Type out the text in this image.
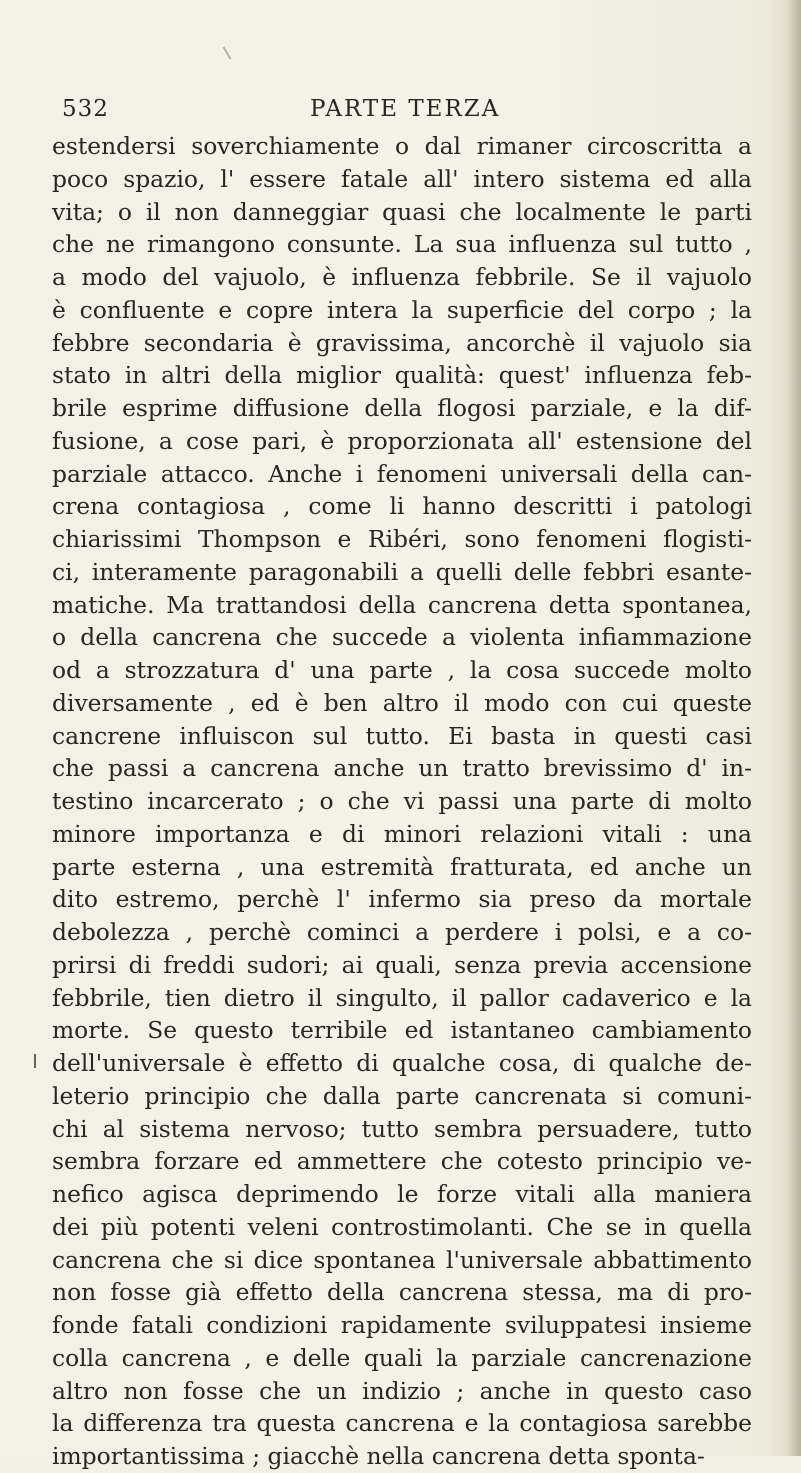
532	PARTE TERZA
estendersi soverchiamente o dal rimaner circoscritta a
poco spazio, l' essere fatale all' intero sistema ed alla
vita; o il non danneggiar quasi che localmente le parti
che ne rimangono consunte. La sua influenza sul tutto ,
a modo del vajuolo, è influenza febbrile. Se il vajuolo
è confluente e copre intera la superficie del corpo ; la
febbre secondaria è gravissima, ancorchè il vajuolo sia
stato in altri della miglior qualità: quest' influenza feb-
brile esprime diffusione della flogosi parziale, e la dif-
fusione, a cose pari, è proporzionata all' estensione del
parziale attacco. Anche i fenomeni universali della can-
crena contagiosa , come li hanno descritti i patologi
chiarissimi Thompson e Ribéri, sono fenomeni flogisti-
ci, interamente paragonabili a quelli delle febbri esante-
matiche. Ma trattandosi della cancrena detta spontanea,
o della cancrena che succede a violenta infiammazione
od a strozzatura d' una parte , la cosa succede molto
diversamente , ed è ben altro il modo con cui queste
cancrene influiscon sul tutto. Ei basta in questi casi
che passi a cancrena anche un tratto brevissimo d' in-
testino incarcerato ; o che vi passi una parte di molto
minore importanza e di minori relazioni vitali : una
parte esterna , una estremità fratturata, ed anche un
dito estremo, perchè l' infermo sia preso da mortale
debolezza , perchè cominci a perdere i polsi, e a co-
prirsi di freddi sudori; ai quali, senza previa accensione
febbrile, tien dietro il singulto, il pallor cadaverico e la
morte. Se questo terribile ed istantaneo cambiamento
dell'universale è effetto di qualche cosa, di qualche de-
leterio principio che dalla parte cancrenata si comuni-
chi al sistema nervoso; tutto sembra persuadere, tutto
sembra forzare ed ammettere che cotesto principio ve-
nefico agisca deprimendo le forze vitali alla maniera
dei più potenti veleni controstimolanti. Che se in quella
cancrena che si dice spontanea l'universale abbattimento
non fosse già effetto della cancrena stessa, ma di pro-
fonde fatali condizioni rapidamente sviluppatesi insieme
colla cancrena , e delle quali la parziale cancrenazione
altro non fosse che un indizio ; anche in questo caso
la differenza tra questa cancrena e la contagiosa sarebbe
importantissima ; giacchè nella cancrena detta sponta-
